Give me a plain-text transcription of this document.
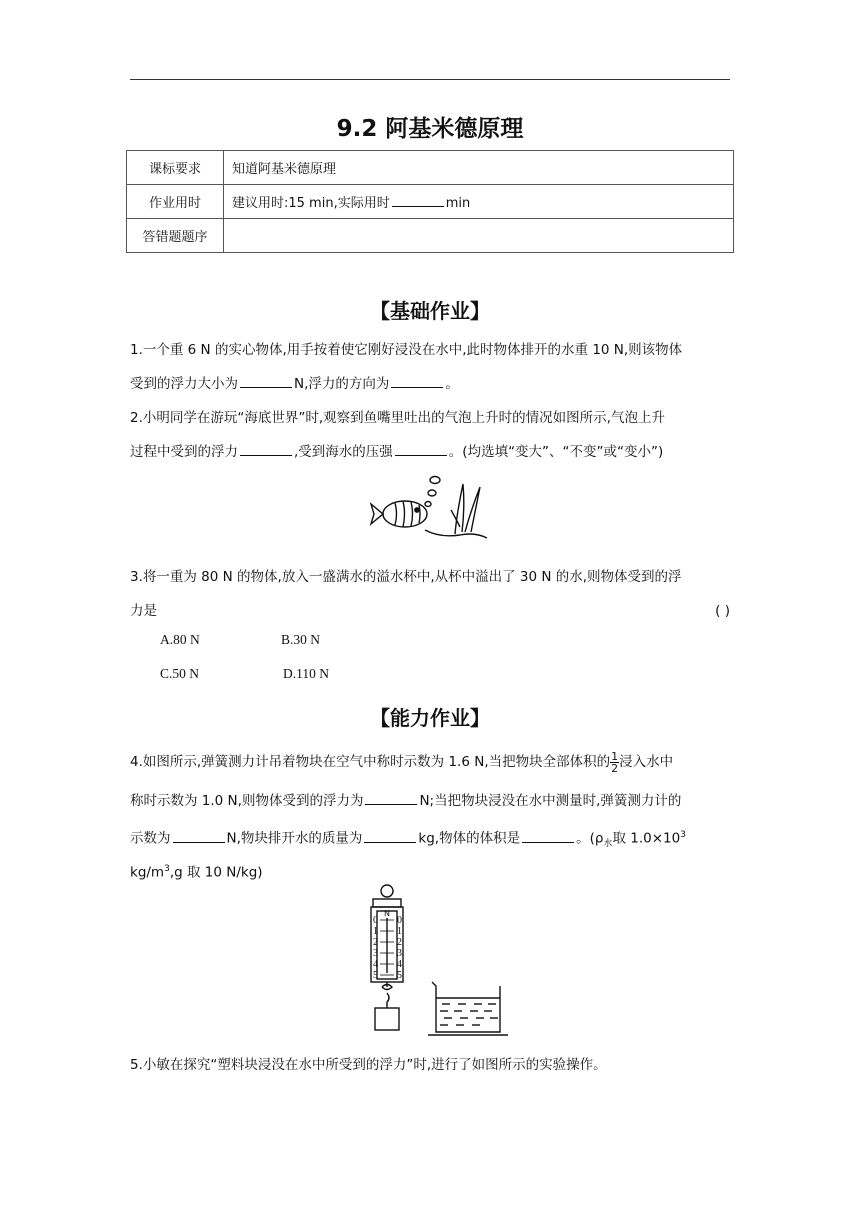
9.2 阿基米德原理
课标要求	知道阿基米德原理
作业用时	建议用时:15 min,实际用时 min
答错题题序	
【基础作业】
1.一个重 6 N 的实心物体,用手按着使它刚好浸没在水中,此时物体排开的水重 10 N,则该物体
受到的浮力大小为	N,浮力的方向为	。
2.小明同学在游玩“海底世界”时,观察到鱼嘴里吐出的气泡上升时的情况如图所示,气泡上升
过程中受到的浮力	,受到海水的压强	。(均选填“变大”、“不变”或“变小”)
3.将一重为 80 N 的物体,放入一盛满水的溢水杯中,从杯中溢出了 30 N 的水,则物体受到的浮
力是	( )
A.80 N	B.30 N
C.50 N	D.110 N
【能力作业】
4.如图所示,弹簧测力计吊着物块在空气中称时示数为 1.6 N,当把物块全部体积的 $\frac{1}{2}$ 浸入水中
称时示数为 1.0 N,则物体受到的浮力为	N;当把物块浸没在水中测量时,弹簧测力计的
示数为	N,物块排开水的质量为	kg,物体的体积是	。($\rho_水$取 $1.0\times 10^3$
$kg/m^3,g$ 取 10 N/kg)
N
0 0
1 1
2 2
3 3
4 4
5 5
5.小敏在探究“塑料块浸没在水中所受到的浮力”时,进行了如图所示的实验操作。
